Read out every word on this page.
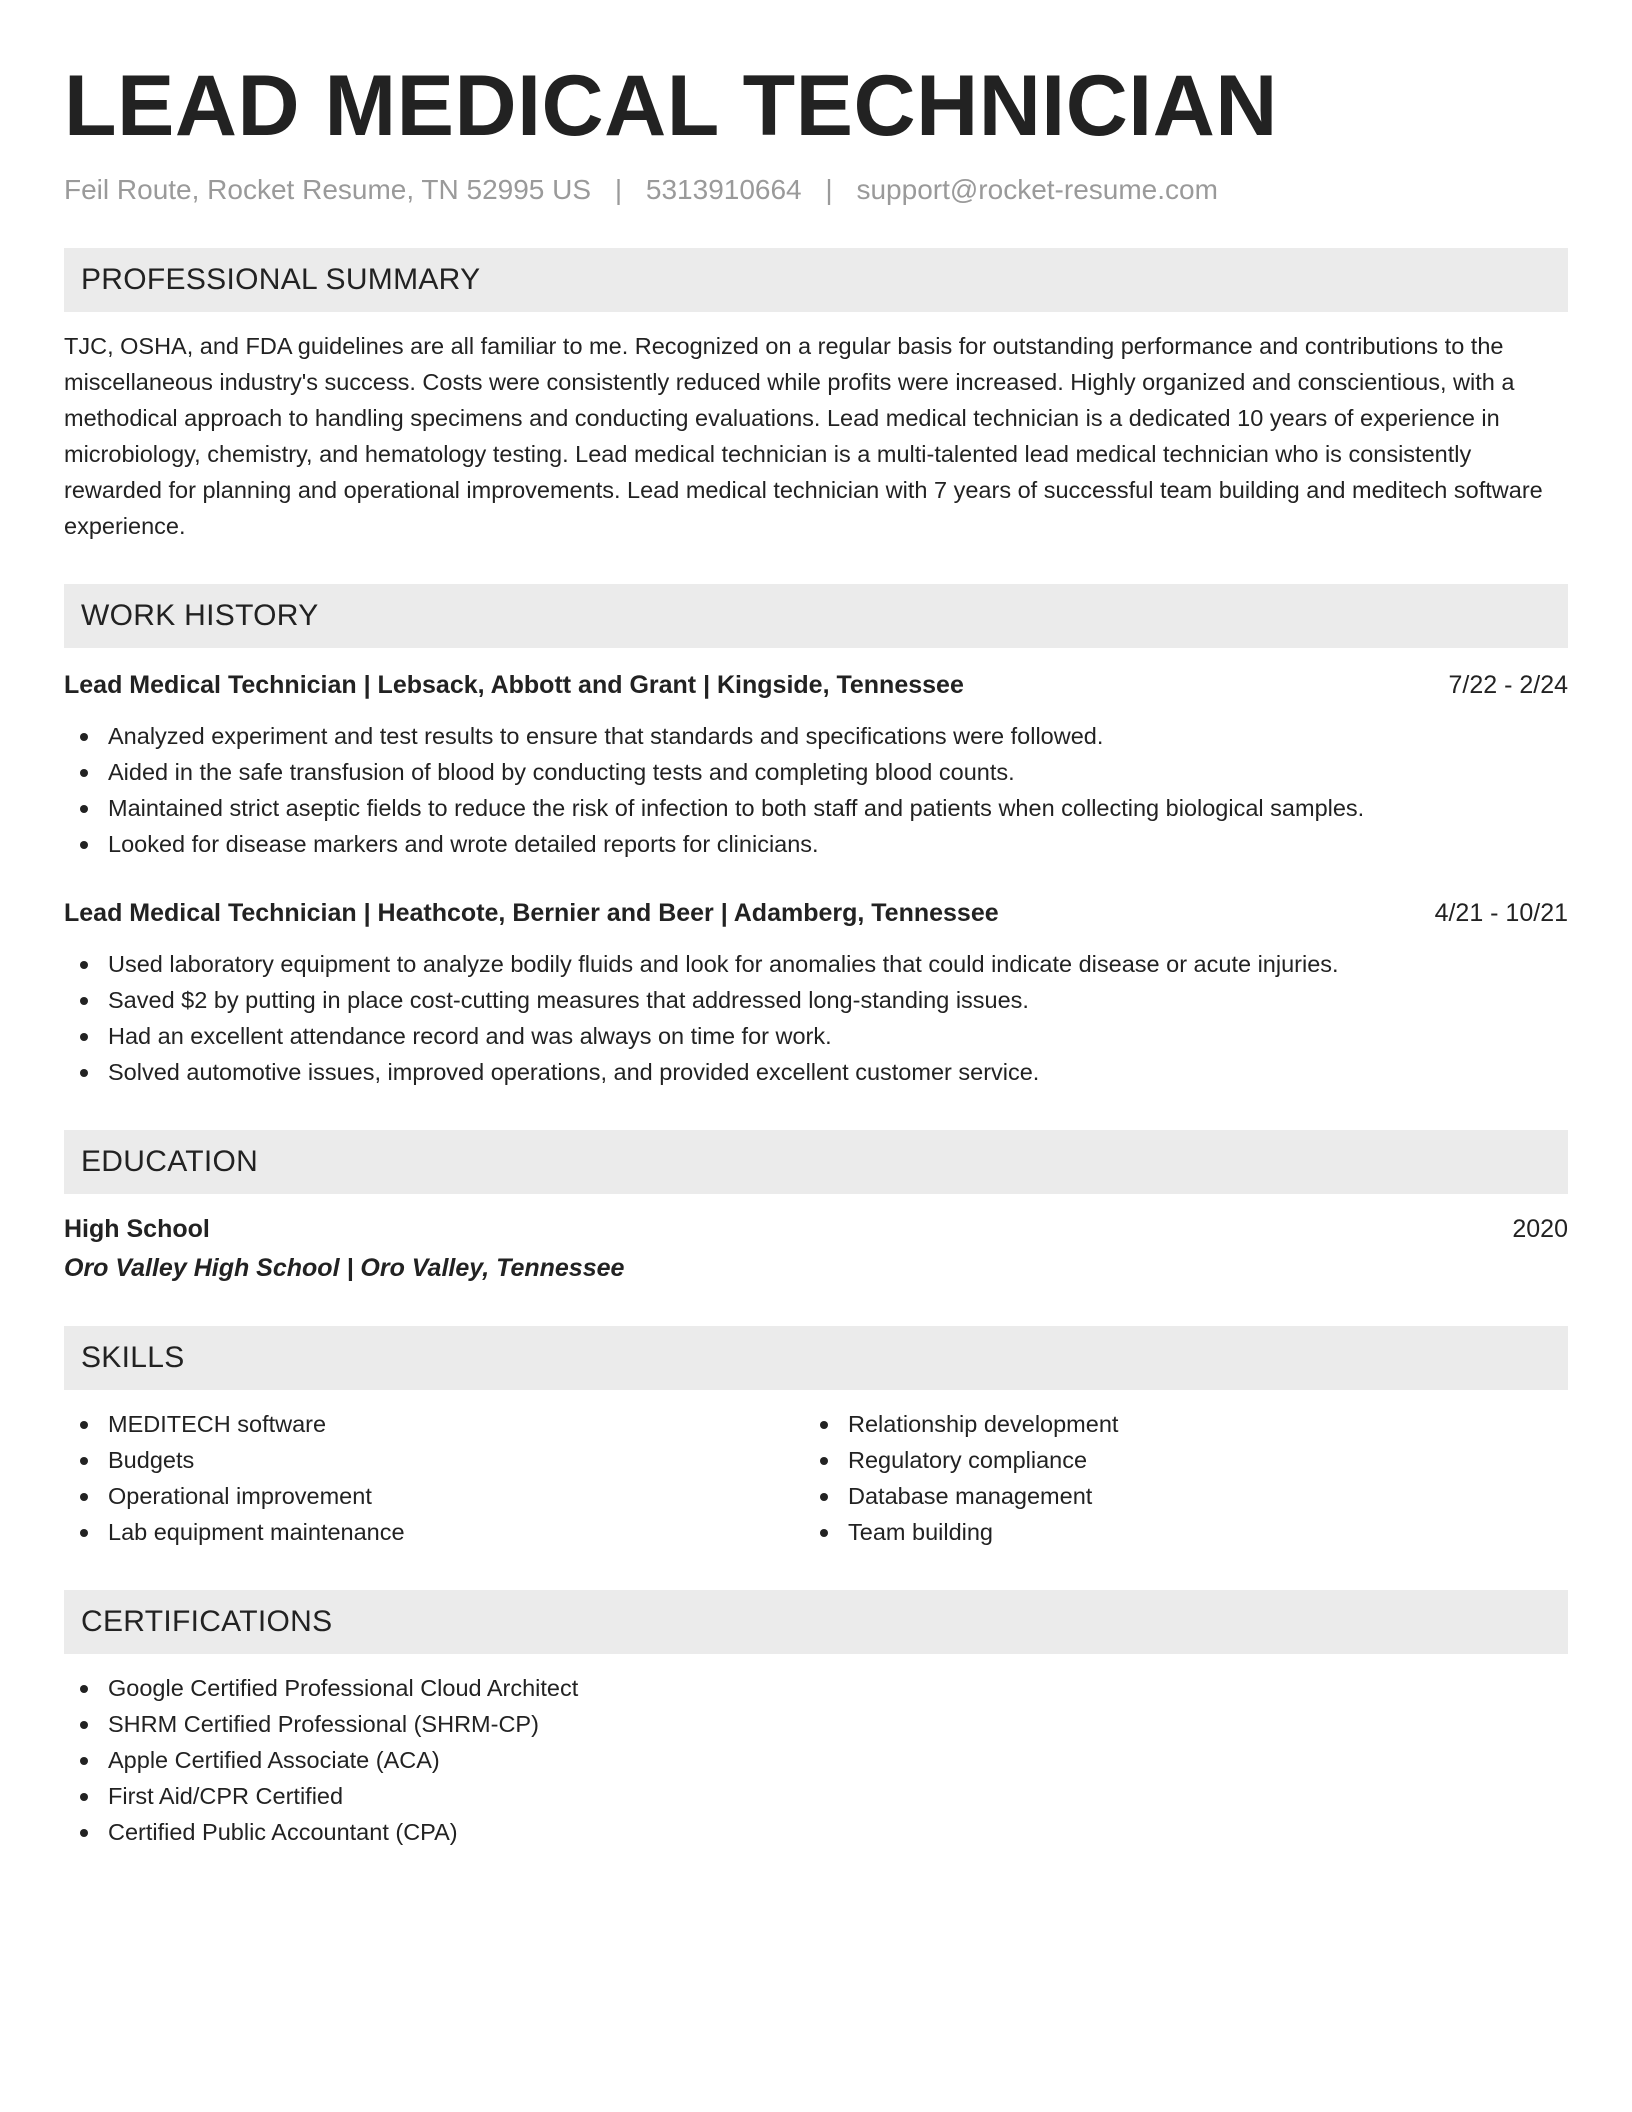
LEAD MEDICAL TECHNICIAN
Feil Route, Rocket Resume, TN 52995 US | 5313910664 | support@rocket-resume.com
PROFESSIONAL SUMMARY
TJC, OSHA, and FDA guidelines are all familiar to me. Recognized on a regular basis for outstanding performance and contributions to the miscellaneous industry's success. Costs were consistently reduced while profits were increased. Highly organized and conscientious, with a methodical approach to handling specimens and conducting evaluations. Lead medical technician is a dedicated 10 years of experience in microbiology, chemistry, and hematology testing. Lead medical technician is a multi-talented lead medical technician who is consistently rewarded for planning and operational improvements. Lead medical technician with 7 years of successful team building and meditech software experience.
WORK HISTORY
Lead Medical Technician | Lebsack, Abbott and Grant | Kingside, Tennessee	7/22 - 2/24
Analyzed experiment and test results to ensure that standards and specifications were followed.
Aided in the safe transfusion of blood by conducting tests and completing blood counts.
Maintained strict aseptic fields to reduce the risk of infection to both staff and patients when collecting biological samples.
Looked for disease markers and wrote detailed reports for clinicians.
Lead Medical Technician | Heathcote, Bernier and Beer | Adamberg, Tennessee	4/21 - 10/21
Used laboratory equipment to analyze bodily fluids and look for anomalies that could indicate disease or acute injuries.
Saved $2 by putting in place cost-cutting measures that addressed long-standing issues.
Had an excellent attendance record and was always on time for work.
Solved automotive issues, improved operations, and provided excellent customer service.
EDUCATION
High School	2020
Oro Valley High School | Oro Valley, Tennessee
SKILLS
MEDITECH software
Budgets
Operational improvement
Lab equipment maintenance
Relationship development
Regulatory compliance
Database management
Team building
CERTIFICATIONS
Google Certified Professional Cloud Architect
SHRM Certified Professional (SHRM-CP)
Apple Certified Associate (ACA)
First Aid/CPR Certified
Certified Public Accountant (CPA)
